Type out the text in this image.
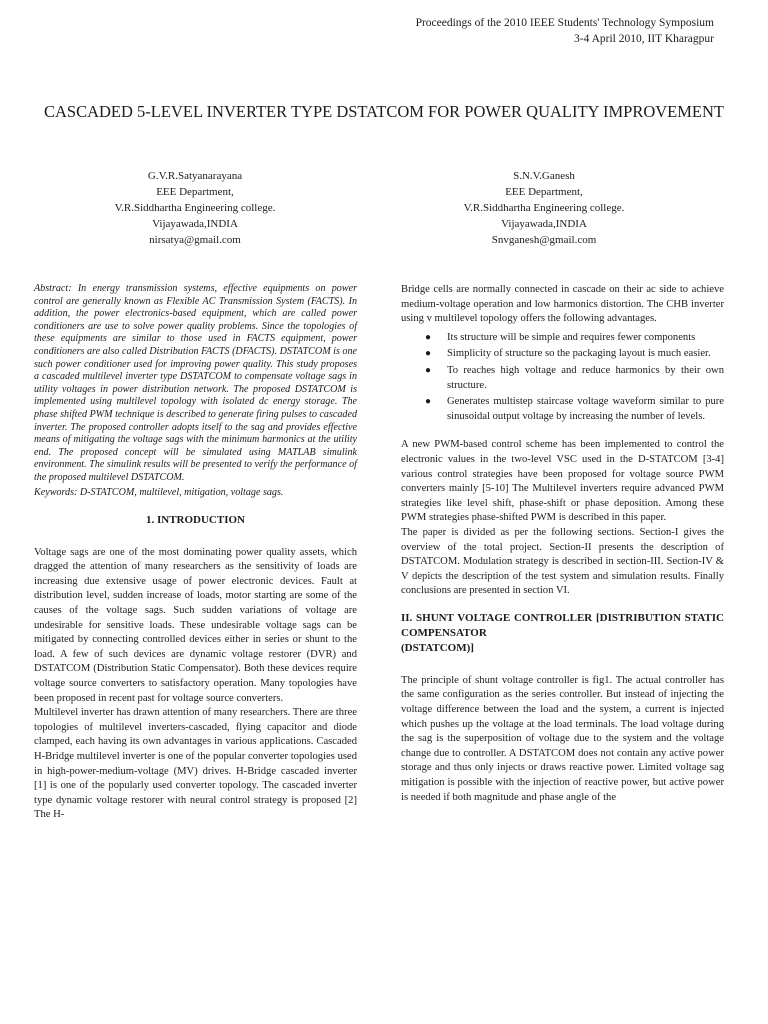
Proceedings of the 2010 IEEE Students' Technology Symposium
3-4 April 2010, IIT Kharagpur
CASCADED 5-LEVEL INVERTER TYPE DSTATCOM FOR POWER QUALITY IMPROVEMENT
G.V.R.Satyanarayana
EEE Department,
V.R.Siddhartha Engineering college.
Vijayawada,INDIA
nirsatya@gmail.com
S.N.V.Ganesh
EEE Department,
V.R.Siddhartha Engineering college.
Vijayawada,INDIA
Snvganesh@gmail.com

Abstract: In energy transmission systems, effective equipments on power control are generally known as Flexible AC Transmission System (FACTS). In addition, the power electronics-based equipment, which are called power conditioners are use to solve power quality problems. Since the topologies of these equipments are similar to those used in FACTS equipment, power conditioners are also called Distribution FACTS (DFACTS). DSTATCOM is one such power conditioner used for improving power quality. This study proposes a cascaded multilevel inverter type DSTATCOM to compensate voltage sags in utility voltages in power distribution network. The proposed DSTATCOM is implemented using multilevel topology with isolated dc energy storage. The phase shifted PWM technique is described to generate firing pulses to cascaded inverter. The proposed controller adopts itself to the sag and provides effective means of mitigating the voltage sags with the minimum harmonics at the utility end. The proposed concept will be simulated using MATLAB simulink environment. The simulink results will be presented to verify the performance of the proposed multilevel DSTATCOM.

Keywords: D-STATCOM, multilevel, mitigation, voltage sags.

1. INTRODUCTION

Voltage sags are one of the most dominating power quality assets, which dragged the attention of many researchers as the sensitivity of loads are increasing due extensive usage of power electronic devices. Fault at distribution level, sudden increase of loads, motor starting are some of the causes of the voltage sags. Such sudden variations of voltage are undesirable for sensitive loads. These undesirable voltage sags can be mitigated by connecting controlled devices either in series or shunt to the load. A few of such devices are dynamic voltage restorer (DVR) and DSTATCOM (Distribution Static Compensator). Both these devices require voltage source converters to satisfactory operation. Many topologies have been proposed in recent past for voltage source converters.

Multilevel inverter has drawn attention of many researchers. There are three topologies of multilevel inverters-cascaded, flying capacitor and diode clamped, each having its own advantages in various applications. Cascaded H-Bridge multilevel inverter is one of the popular converter topologies used in high-power-medium-voltage (MV) drives. H-Bridge cascaded inverter [1] is one of the popularly used converter topology. The cascaded inverter type dynamic voltage restorer with neural control strategy is proposed [2] The H-

Bridge cells are normally connected in cascade on their ac side to achieve medium-voltage operation and low harmonics distortion. The CHB inverter using v multilevel topology offers the following advantages.

● Its structure will be simple and requires fewer components
● Simplicity of structure so the packaging layout is much easier.
● To reaches high voltage and reduce harmonics by their own structure.
● Generates multistep staircase voltage waveform similar to pure sinusoidal output voltage by increasing the number of levels.

A new PWM-based control scheme has been implemented to control the electronic values in the two-level VSC used in the D-STATCOM [3-4] various control strategies have been proposed for voltage source PWM converters mainly [5-10] The Multilevel inverters require advanced PWM strategies like level shift, phase-shift or phase deposition. Among these PWM strategies phase-shifted PWM is described in this paper.

The paper is divided as per the following sections. Section-I gives the overview of the total project. Section-II presents the description of DSTATCOM. Modulation strategy is described in section-III. Section-IV & V depicts the description of the test system and simulation results. Finally conclusions are presented in section VI.

II. SHUNT VOLTAGE CONTROLLER [DISTRIBUTION STATIC COMPENSATOR
(DSTATCOM)]

The principle of shunt voltage controller is fig1. The actual controller has the same configuration as the series controller. But instead of injecting the voltage difference between the load and the system, a current is injected which pushes up the voltage at the load terminals. The load voltage during the sag is the superposition of voltage due to the system and the voltage change due to controller. A DSTATCOM does not contain any active power storage and thus only injects or draws reactive power. Limited voltage sag mitigation is possible with the injection of reactive power, but active power is needed if both magnitude and phase angle of the
